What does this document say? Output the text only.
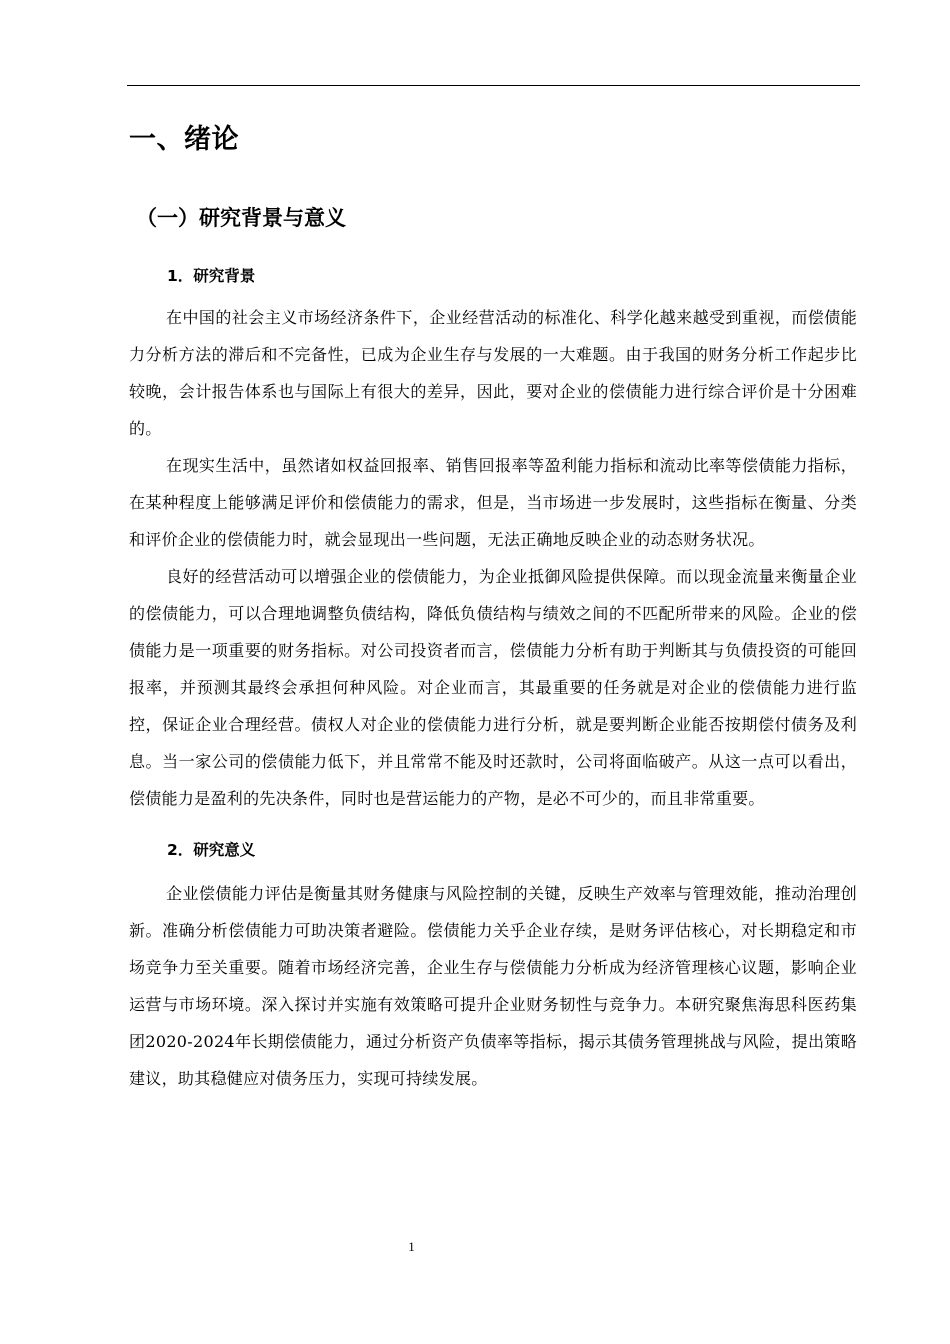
一、绪论
（一）研究背景与意义
1．研究背景

在中国的社会主义市场经济条件下，企业经营活动的标准化、科学化越来越受到重视，而偿债能力分析方法的滞后和不完备性，已成为企业生存与发展的一大难题。由于我国的财务分析工作起步比较晚，会计报告体系也与国际上有很大的差异，因此，要对企业的偿债能力进行综合评价是十分困难的。

在现实生活中，虽然诸如权益回报率、销售回报率等盈利能力指标和流动比率等偿债能力指标，在某种程度上能够满足评价和偿债能力的需求，但是，当市场进一步发展时，这些指标在衡量、分类和评价企业的偿债能力时，就会显现出一些问题，无法正确地反映企业的动态财务状况。

良好的经营活动可以增强企业的偿债能力，为企业抵御风险提供保障。而以现金流量来衡量企业的偿债能力，可以合理地调整负债结构，降低负债结构与绩效之间的不匹配所带来的风险。企业的偿债能力是一项重要的财务指标。对公司投资者而言，偿债能力分析有助于判断其与负债投资的可能回报率，并预测其最终会承担何种风险。对企业而言，其最重要的任务就是对企业的偿债能力进行监控，保证企业合理经营。债权人对企业的偿债能力进行分析，就是要判断企业能否按期偿付债务及利息。当一家公司的偿债能力低下，并且常常不能及时还款时，公司将面临破产。从这一点可以看出，偿债能力是盈利的先决条件，同时也是营运能力的产物，是必不可少的，而且非常重要。

2．研究意义

企业偿债能力评估是衡量其财务健康与风险控制的关键，反映生产效率与管理效能，推动治理创新。准确分析偿债能力可助决策者避险。偿债能力关乎企业存续，是财务评估核心，对长期稳定和市场竞争力至关重要。随着市场经济完善，企业生存与偿债能力分析成为经济管理核心议题，影响企业运营与市场环境。深入探讨并实施有效策略可提升企业财务韧性与竞争力。本研究聚焦海思科医药集团2020-2024年长期偿债能力，通过分析资产负债率等指标，揭示其债务管理挑战与风险，提出策略建议，助其稳健应对债务压力，实现可持续发展。

1
